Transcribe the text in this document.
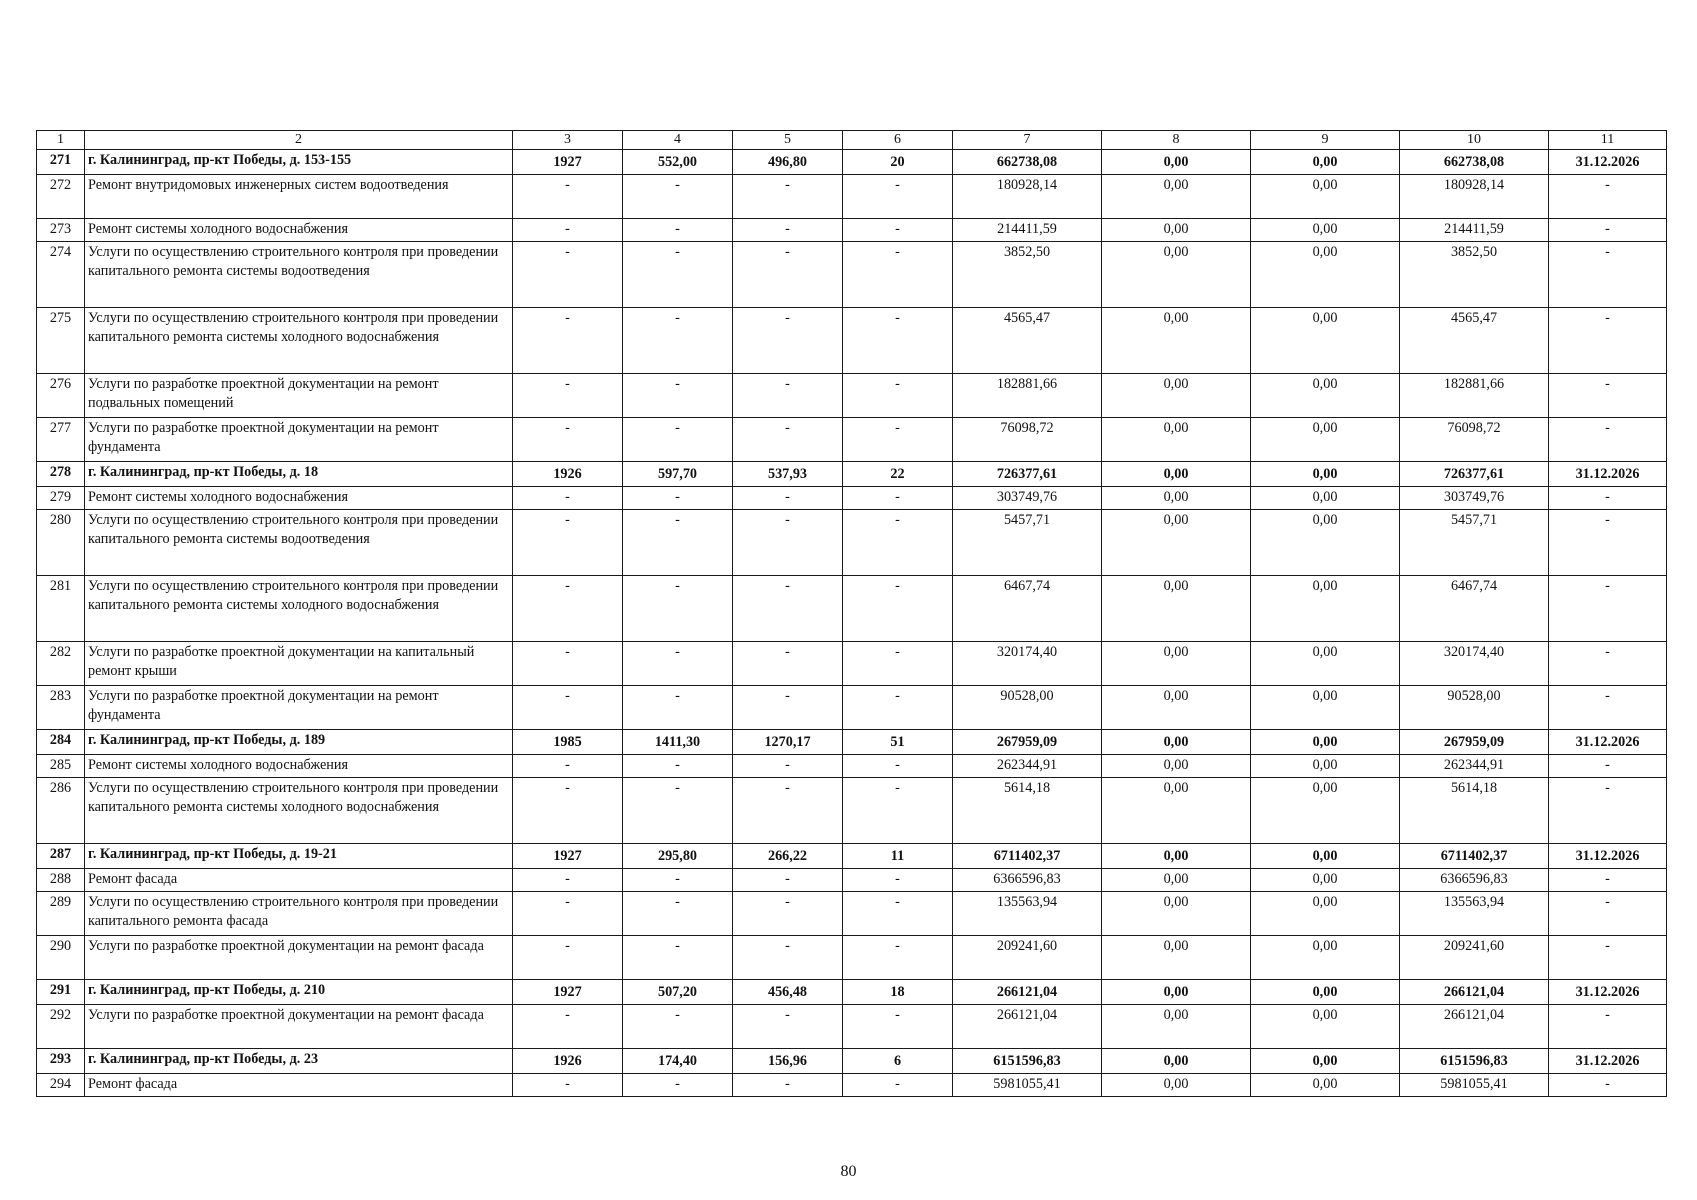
1	2	3	4	5	6	7	8	9	10	11
271	г. Калининград, пр-кт Победы, д. 153-155	1927	552,00	496,80	20	662738,08	0,00	0,00	662738,08	31.12.2026
272	Ремонт внутридомовых инженерных систем водоотведения	-	-	-	-	180928,14	0,00	0,00	180928,14	-
273	Ремонт системы холодного водоснабжения	-	-	-	-	214411,59	0,00	0,00	214411,59	-
274	Услуги по осуществлению строительного контроля при проведении капитального ремонта системы водоотведения	-	-	-	-	3852,50	0,00	0,00	3852,50	-
275	Услуги по осуществлению строительного контроля при проведении капитального ремонта системы холодного водоснабжения	-	-	-	-	4565,47	0,00	0,00	4565,47	-
276	Услуги по разработке проектной документации на ремонт подвальных помещений	-	-	-	-	182881,66	0,00	0,00	182881,66	-
277	Услуги по разработке проектной документации на ремонт фундамента	-	-	-	-	76098,72	0,00	0,00	76098,72	-
278	г. Калининград, пр-кт Победы, д. 18	1926	597,70	537,93	22	726377,61	0,00	0,00	726377,61	31.12.2026
279	Ремонт системы холодного водоснабжения	-	-	-	-	303749,76	0,00	0,00	303749,76	-
280	Услуги по осуществлению строительного контроля при проведении капитального ремонта системы водоотведения	-	-	-	-	5457,71	0,00	0,00	5457,71	-
281	Услуги по осуществлению строительного контроля при проведении капитального ремонта системы холодного водоснабжения	-	-	-	-	6467,74	0,00	0,00	6467,74	-
282	Услуги по разработке проектной документации на капитальный ремонт крыши	-	-	-	-	320174,40	0,00	0,00	320174,40	-
283	Услуги по разработке проектной документации на ремонт фундамента	-	-	-	-	90528,00	0,00	0,00	90528,00	-
284	г. Калининград, пр-кт Победы, д. 189	1985	1411,30	1270,17	51	267959,09	0,00	0,00	267959,09	31.12.2026
285	Ремонт системы холодного водоснабжения	-	-	-	-	262344,91	0,00	0,00	262344,91	-
286	Услуги по осуществлению строительного контроля при проведении капитального ремонта системы холодного водоснабжения	-	-	-	-	5614,18	0,00	0,00	5614,18	-
287	г. Калининград, пр-кт Победы, д. 19-21	1927	295,80	266,22	11	6711402,37	0,00	0,00	6711402,37	31.12.2026
288	Ремонт фасада	-	-	-	-	6366596,83	0,00	0,00	6366596,83	-
289	Услуги по осуществлению строительного контроля при проведении капитального ремонта фасада	-	-	-	-	135563,94	0,00	0,00	135563,94	-
290	Услуги по разработке проектной документации на ремонт фасада	-	-	-	-	209241,60	0,00	0,00	209241,60	-
291	г. Калининград, пр-кт Победы, д. 210	1927	507,20	456,48	18	266121,04	0,00	0,00	266121,04	31.12.2026
292	Услуги по разработке проектной документации на ремонт фасада	-	-	-	-	266121,04	0,00	0,00	266121,04	-
293	г. Калининград, пр-кт Победы, д. 23	1926	174,40	156,96	6	6151596,83	0,00	0,00	6151596,83	31.12.2026
294	Ремонт фасада	-	-	-	-	5981055,41	0,00	0,00	5981055,41	-
80
